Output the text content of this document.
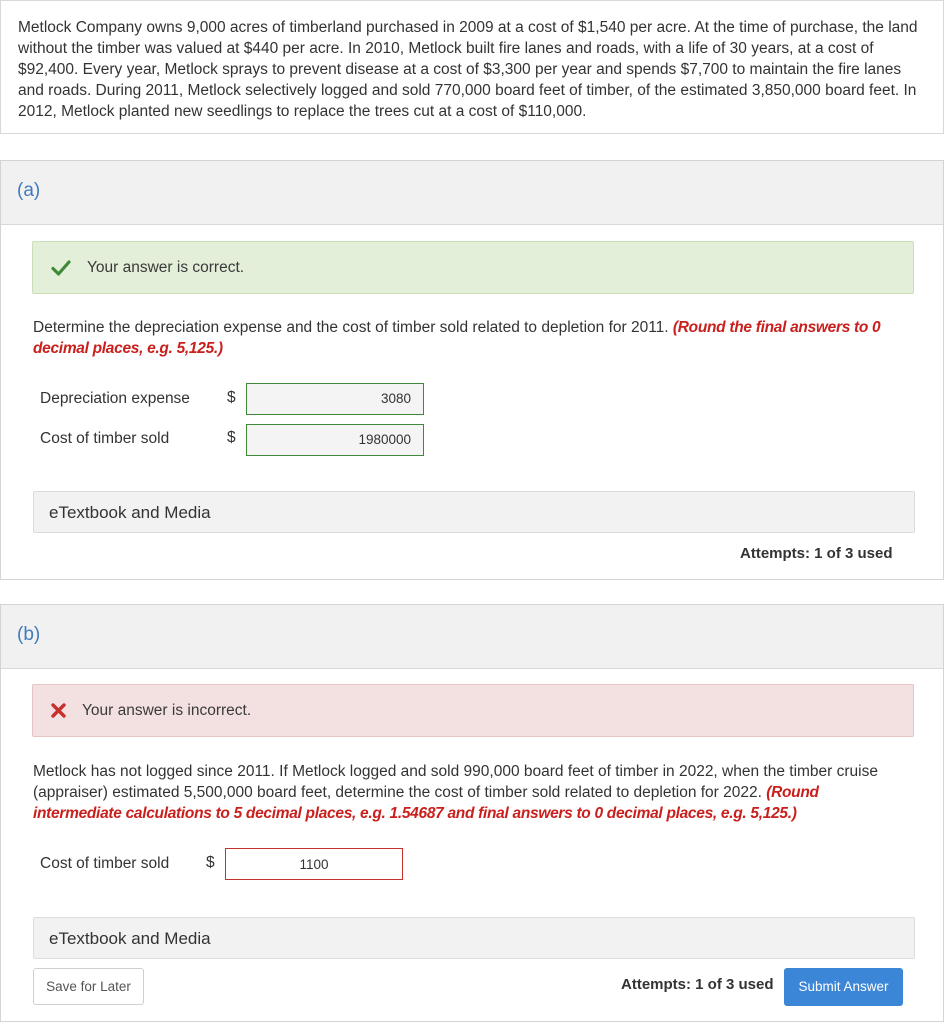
Metlock Company owns 9,000 acres of timberland purchased in 2009 at a cost of $1,540 per acre. At the time of purchase, the land without the timber was valued at $440 per acre. In 2010, Metlock built fire lanes and roads, with a life of 30 years, at a cost of $92,400. Every year, Metlock sprays to prevent disease at a cost of $3,300 per year and spends $7,700 to maintain the fire lanes and roads. During 2011, Metlock selectively logged and sold 770,000 board feet of timber, of the estimated 3,850,000 board feet. In 2012, Metlock planted new seedlings to replace the trees cut at a cost of $110,000.
(a)
Your answer is correct.
Determine the depreciation expense and the cost of timber sold related to depletion for 2011. (Round the final answers to 0 decimal places, e.g. 5,125.)
Depreciation expense $	3080
Cost of timber sold	$	1980000
eTextbook and Media
Attempts: 1 of 3 used
(b)
Your answer is incorrect.
Metlock has not logged since 2011. If Metlock logged and sold 990,000 board feet of timber in 2022, when the timber cruise (appraiser) estimated 5,500,000 board feet, determine the cost of timber sold related to depletion for 2022. (Round intermediate calculations to 5 decimal places, e.g. 1.54687 and final answers to 0 decimal places, e.g. 5,125.)
Cost of timber sold $	1100
eTextbook and Media
Save for Later	Attempts: 1 of 3 used	Submit Answer
